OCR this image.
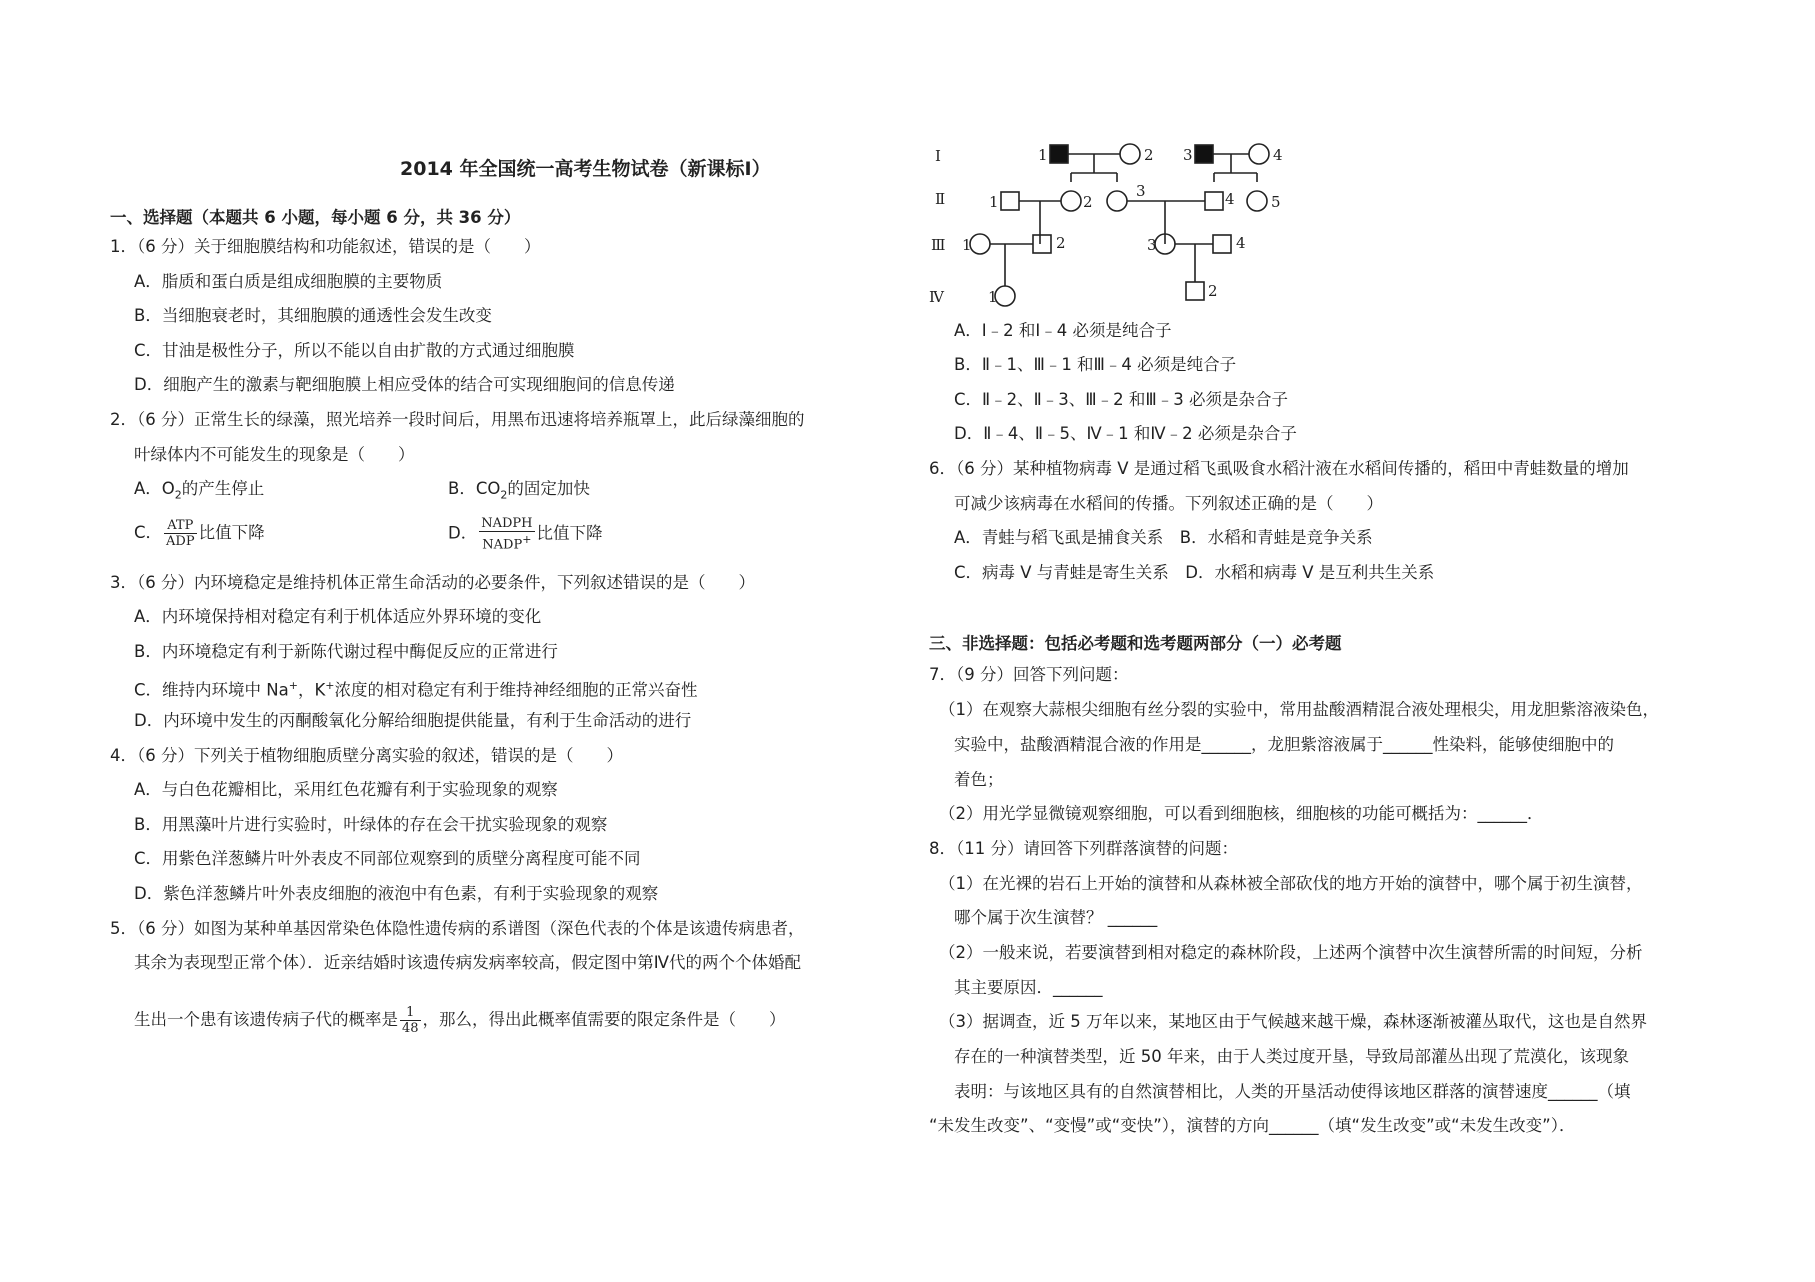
2014 年全国统一高考生物试卷（新课标I）
一、选择题（本题共 6 小题，每小题 6 分，共 36 分）
1．（6 分）关于细胞膜结构和功能叙述，错误的是（　　）
A．脂质和蛋白质是组成细胞膜的主要物质
B．当细胞衰老时，其细胞膜的通透性会发生改变
C．甘油是极性分子，所以不能以自由扩散的方式通过细胞膜
D．细胞产生的激素与靶细胞膜上相应受体的结合可实现细胞间的信息传递
2．（6 分）正常生长的绿藻，照光培养一段时间后，用黑布迅速将培养瓶罩上，此后绿藻细胞的
叶绿体内不可能发生的现象是（　　）
A．$O_2$的产生停止	B．$CO_2$的固定加快
C． $\frac{\text{ATP}}{\text{ADP}}$ 比值下降	D． $\frac{\text{NADPH}}{NADP^+}$ 比值下降
3．（6 分）内环境稳定是维持机体正常生命活动的必要条件，下列叙述错误的是（　　）
A．内环境保持相对稳定有利于机体适应外界环境的变化
B．内环境稳定有利于新陈代谢过程中酶促反应的正常进行
C．维持内环境中 Na+，K+浓度的相对稳定有利于维持神经细胞的正常兴奋性
D．内环境中发生的丙酮酸氧化分解给细胞提供能量，有利于生命活动的进行
4．（6 分）下列关于植物细胞质壁分离实验的叙述，错误的是（　　）
A．与白色花瓣相比，采用红色花瓣有利于实验现象的观察
B．用黑藻叶片进行实验时，叶绿体的存在会干扰实验现象的观察
C．用紫色洋葱鳞片叶外表皮不同部位观察到的质壁分离程度可能不同
D．紫色洋葱鳞片叶外表皮细胞的液泡中有色素，有利于实验现象的观察
5．（6 分）如图为某种单基因常染色体隐性遗传病的系谱图（深色代表的个体是该遗传病患者，
其余为表现型正常个体）．近亲结婚时该遗传病发病率较高，假定图中第Ⅳ代的两个个体婚配
生出一个患有该遗传病子代的概率是 $\frac{1}{48}$ ，那么，得出此概率值需要的限定条件是（　　）
Ⅰ
Ⅱ
Ⅲ
Ⅳ
1	2 3	4
1	2
3	4 5
1	2	3	4
1	2
A．Ⅰ﹣2 和Ⅰ﹣4 必须是纯合子
B．Ⅱ﹣1、Ⅲ﹣1 和Ⅲ﹣4 必须是纯合子
C．Ⅱ﹣2、Ⅱ﹣3、Ⅲ﹣2 和Ⅲ﹣3 必须是杂合子
D．Ⅱ﹣4、Ⅱ﹣5、Ⅳ﹣1 和Ⅳ﹣2 必须是杂合子
6．（6 分）某种植物病毒 V 是通过稻飞虱吸食水稻汁液在水稻间传播的，稻田中青蛙数量的增加
可减少该病毒在水稻间的传播。下列叙述正确的是（　　）
A．青蛙与稻飞虱是捕食关系　B．水稻和青蛙是竞争关系
C．病毒 V 与青蛙是寄生关系　D．水稻和病毒 V 是互利共生关系
三、非选择题：包括必考题和选考题两部分（一）必考题
7．（9 分）回答下列问题：
（1）在观察大蒜根尖细胞有丝分裂的实验中，常用盐酸酒精混合液处理根尖，用龙胆紫溶液染色，
实验中，盐酸酒精混合液的作用是______，龙胆紫溶液属于______性染料，能够使细胞中的
着色；
（2）用光学显微镜观察细胞，可以看到细胞核，细胞核的功能可概括为：______．
8．（11 分）请回答下列群落演替的问题：
（1）在光裸的岩石上开始的演替和从森林被全部砍伐的地方开始的演替中，哪个属于初生演替，
哪个属于次生演替？ ______
（2）一般来说，若要演替到相对稳定的森林阶段，上述两个演替中次生演替所需的时间短，分析
其主要原因．______
（3）据调查，近 5 万年以来，某地区由于气候越来越干燥，森林逐渐被灌丛取代，这也是自然界
存在的一种演替类型，近 50 年来，由于人类过度开垦，导致局部灌丛出现了荒漠化，该现象
表明：与该地区具有的自然演替相比，人类的开垦活动使得该地区群落的演替速度______（填
“未发生改变”、“变慢”或“变快”），演替的方向______（填“发生改变”或“未发生改变”）．
